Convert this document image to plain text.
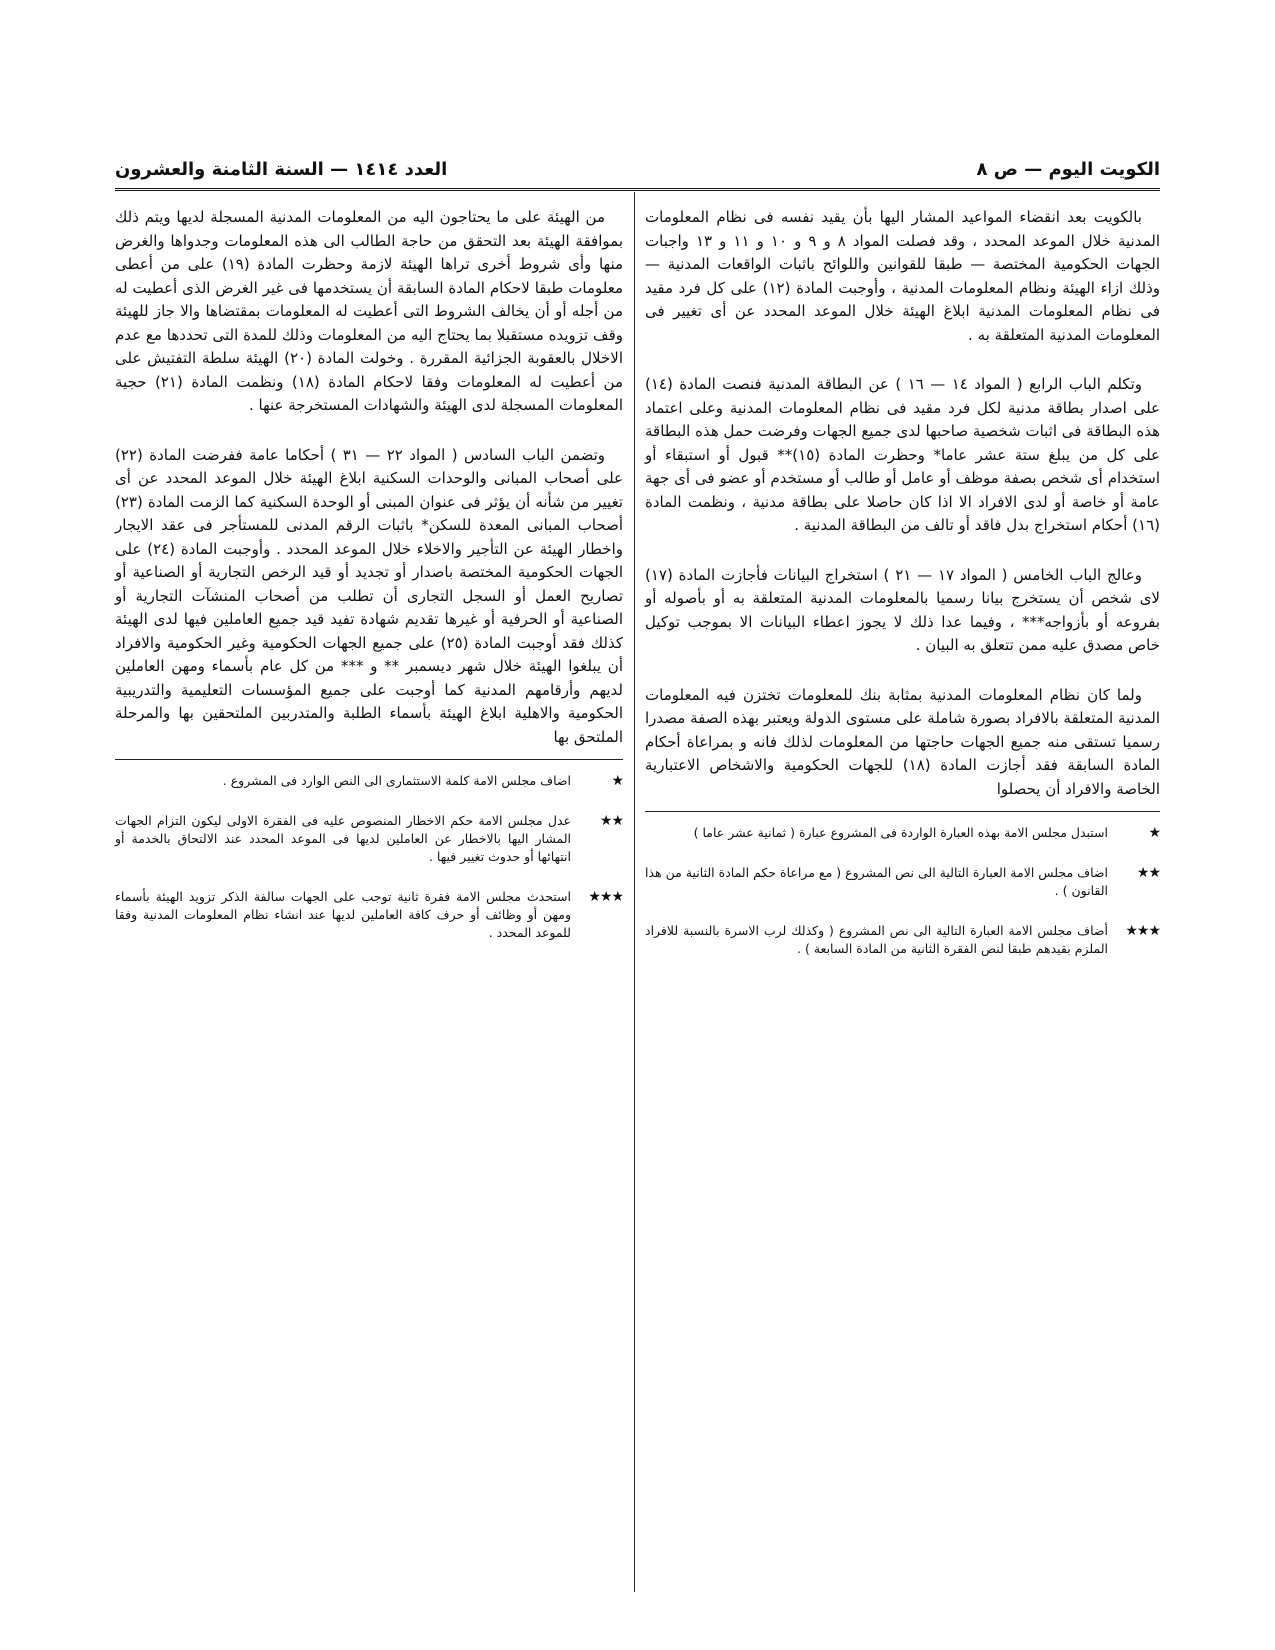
الكويت اليوم — ص ٨
العدد ١٤١٤ — السنة الثامنة والعشرون

بالكويت بعد انقضاء المواعيد المشار اليها بأن يقيد نفسه فى نظام المعلومات المدنية خلال الموعد المحدد ، وقد فصلت المواد ٨ و ٩ و ١٠ و ١١ و ١٣ واجبات الجهات الحكومية المختصة — طبقا للقوانين واللوائح باثبات الواقعات المدنية — وذلك ازاء الهيئة ونظام المعلومات المدنية ، وأوجبت المادة (١٢) على كل فرد مقيد فى نظام المعلومات المدنية ابلاغ الهيئة خلال الموعد المحدد عن أى تغيير فى المعلومات المدنية المتعلقة به .

وتكلم الباب الرابع ( المواد ١٤ — ١٦ ) عن البطاقة المدنية فنصت المادة (١٤) على اصدار بطاقة مدنية لكل فرد مقيد فى نظام المعلومات المدنية وعلى اعتماد هذه البطاقة فى اثبات شخصية صاحبها لدى جميع الجهات وفرضت حمل هذه البطاقة على كل من يبلغ ستة عشر عاما* وحظرت المادة (١٥)** قبول أو استبقاء أو استخدام أى شخص بصفة موظف أو عامل أو طالب أو مستخدم أو عضو فى أى جهة عامة أو خاصة أو لدى الافراد الا اذا كان حاصلا على بطاقة مدنية ، ونظمت المادة (١٦) أحكام استخراج بدل فاقد أو تالف من البطاقة المدنية .

وعالج الباب الخامس ( المواد ١٧ — ٢١ ) استخراج البيانات فأجازت المادة (١٧) لاى شخص أن يستخرج بيانا رسميا بالمعلومات المدنية المتعلقة به أو بأصوله أو بفروعه أو بأزواجه*** ، وفيما عدا ذلك لا يجوز اعطاء البيانات الا بموجب توكيل خاص مصدق عليه ممن تتعلق به البيان .

ولما كان نظام المعلومات المدنية بمثابة بنك للمعلومات تختزن فيه المعلومات المدنية المتعلقة بالافراد بصورة شاملة على مستوى الدولة ويعتبر بهذه الصفة مصدرا رسميا تستقى منه جميع الجهات حاجتها من المعلومات لذلك فانه و بمراعاة أحكام المادة السابقة فقد أجازت المادة (١٨) للجهات الحكومية والاشخاص الاعتبارية الخاصة والافراد أن يحصلوا

★
استبدل مجلس الامة بهذه العبارة الواردة فى المشروع عبارة ( ثمانية عشر عاما )
★★
اضاف مجلس الامة العبارة التالية الى نص المشروع ( مع مراعاة حكم المادة الثانية من هذا القانون ) .
★★★
أضاف مجلس الامة العبارة التالية الى نص المشروع ( وكذلك لرب الاسرة بالنسبة للافراد الملزم بقيدهم طبقا لنص الفقرة الثانية من المادة السابعة ) .

من الهيئة على ما يحتاجون اليه من المعلومات المدنية المسجلة لديها ويتم ذلك بموافقة الهيئة بعد التحقق من حاجة الطالب الى هذه المعلومات وجدواها والغرض منها وأى شروط أخرى تراها الهيئة لازمة وحظرت المادة (١٩) على من أعطى معلومات طبقا لاحكام المادة السابقة أن يستخدمها فى غير الغرض الذى أعطيت له من أجله أو أن يخالف الشروط التى أعطيت له المعلومات بمقتضاها والا جاز للهيئة وقف تزويده مستقبلا بما يحتاج اليه من المعلومات وذلك للمدة التى تحددها مع عدم الاخلال بالعقوبة الجزائية المقررة . وخولت المادة (٢٠) الهيئة سلطة التفتيش على من أعطيت له المعلومات وفقا لاحكام المادة (١٨) ونظمت المادة (٢١) حجية المعلومات المسجلة لدى الهيئة والشهادات المستخرجة عنها .

وتضمن الباب السادس ( المواد ٢٢ — ٣١ ) أحكاما عامة ففرضت المادة (٢٢) على أصحاب المبانى والوحدات السكنية ابلاغ الهيئة خلال الموعد المحدد عن أى تغيير من شأنه أن يؤثر فى عنوان المبنى أو الوحدة السكنية كما الزمت المادة (٢٣) أصحاب المبانى المعدة للسكن* باثبات الرقم المدنى للمستأجر فى عقد الايجار واخطار الهيئة عن التأجير والاخلاء خلال الموعد المحدد . وأوجبت المادة (٢٤) على الجهات الحكومية المختصة باصدار أو تجديد أو قيد الرخص التجارية أو الصناعية أو تصاريح العمل أو السجل التجارى أن تطلب من أصحاب المنشآت التجارية أو الصناعية أو الحرفية أو غيرها تقديم شهادة تفيد قيد جميع العاملين فيها لدى الهيئة كذلك فقد أوجبت المادة (٢٥) على جميع الجهات الحكومية وغير الحكومية والافراد أن يبلغوا الهيئة خلال شهر ديسمبر ** و *** من كل عام بأسماء ومهن العاملين لديهم وأرقامهم المدنية كما أوجبت على جميع المؤسسات التعليمية والتدريبية الحكومية والاهلية ابلاغ الهيئة بأسماء الطلبة والمتدربين الملتحقين بها والمرحلة الملتحق بها

★
اضاف مجلس الامة كلمة الاستثمارى الى النص الوارد فى المشروع .
★★
عدل مجلس الامة حكم الاخطار المنصوص عليه فى الفقرة الاولى ليكون التزام الجهات المشار اليها بالاخطار عن العاملين لديها فى الموعد المحدد عند الالتحاق بالخدمة أو انتهائها أو حدوث تغيير فيها .
★★★
استحدث مجلس الامة فقرة ثانية توجب على الجهات سالفة الذكر تزويد الهيئة بأسماء ومهن أو وظائف أو حرف كافة العاملين لديها عند انشاء نظام المعلومات المدنية وفقا للموعد المحدد .
